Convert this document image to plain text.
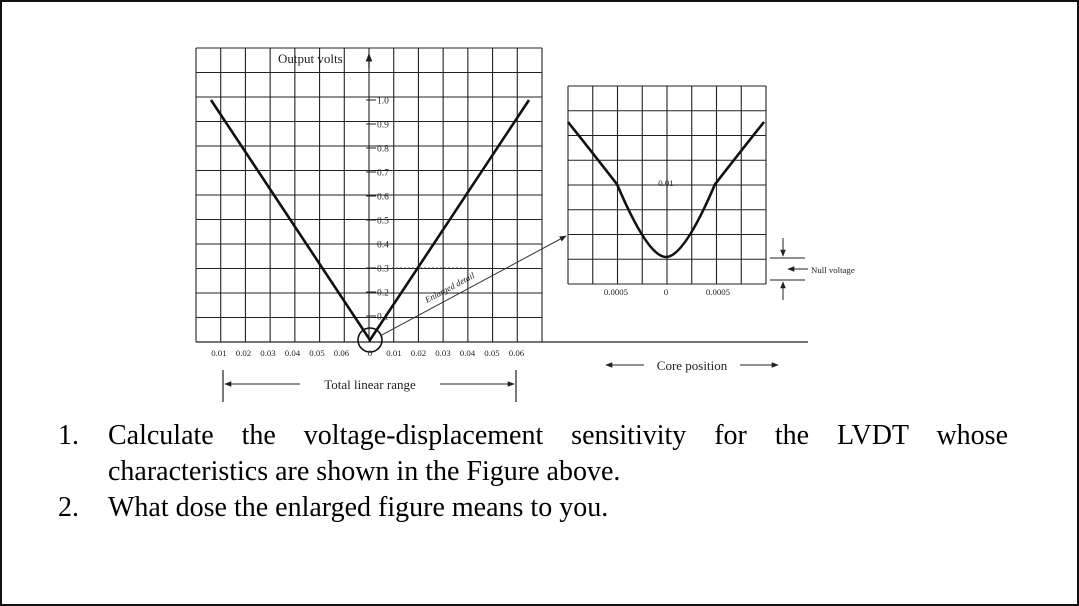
Output volts
1.0
0.9
0.8
0.7
0.6
0.5
0.4
0.3
0.2
0.1
0.01 0.02 0.03 0.04 0.05 0.06 0 0.01 0.02 0.03 0.04 0.05 0.06
Enlarged detail
Total linear range
0.01
0.0005	0	0.0005
Null voltage
Core position
1. Calculate the voltage-displacement sensitivity for the LVDT whose characteristics are shown in the Figure above.
2. What dose the enlarged figure means to you.
